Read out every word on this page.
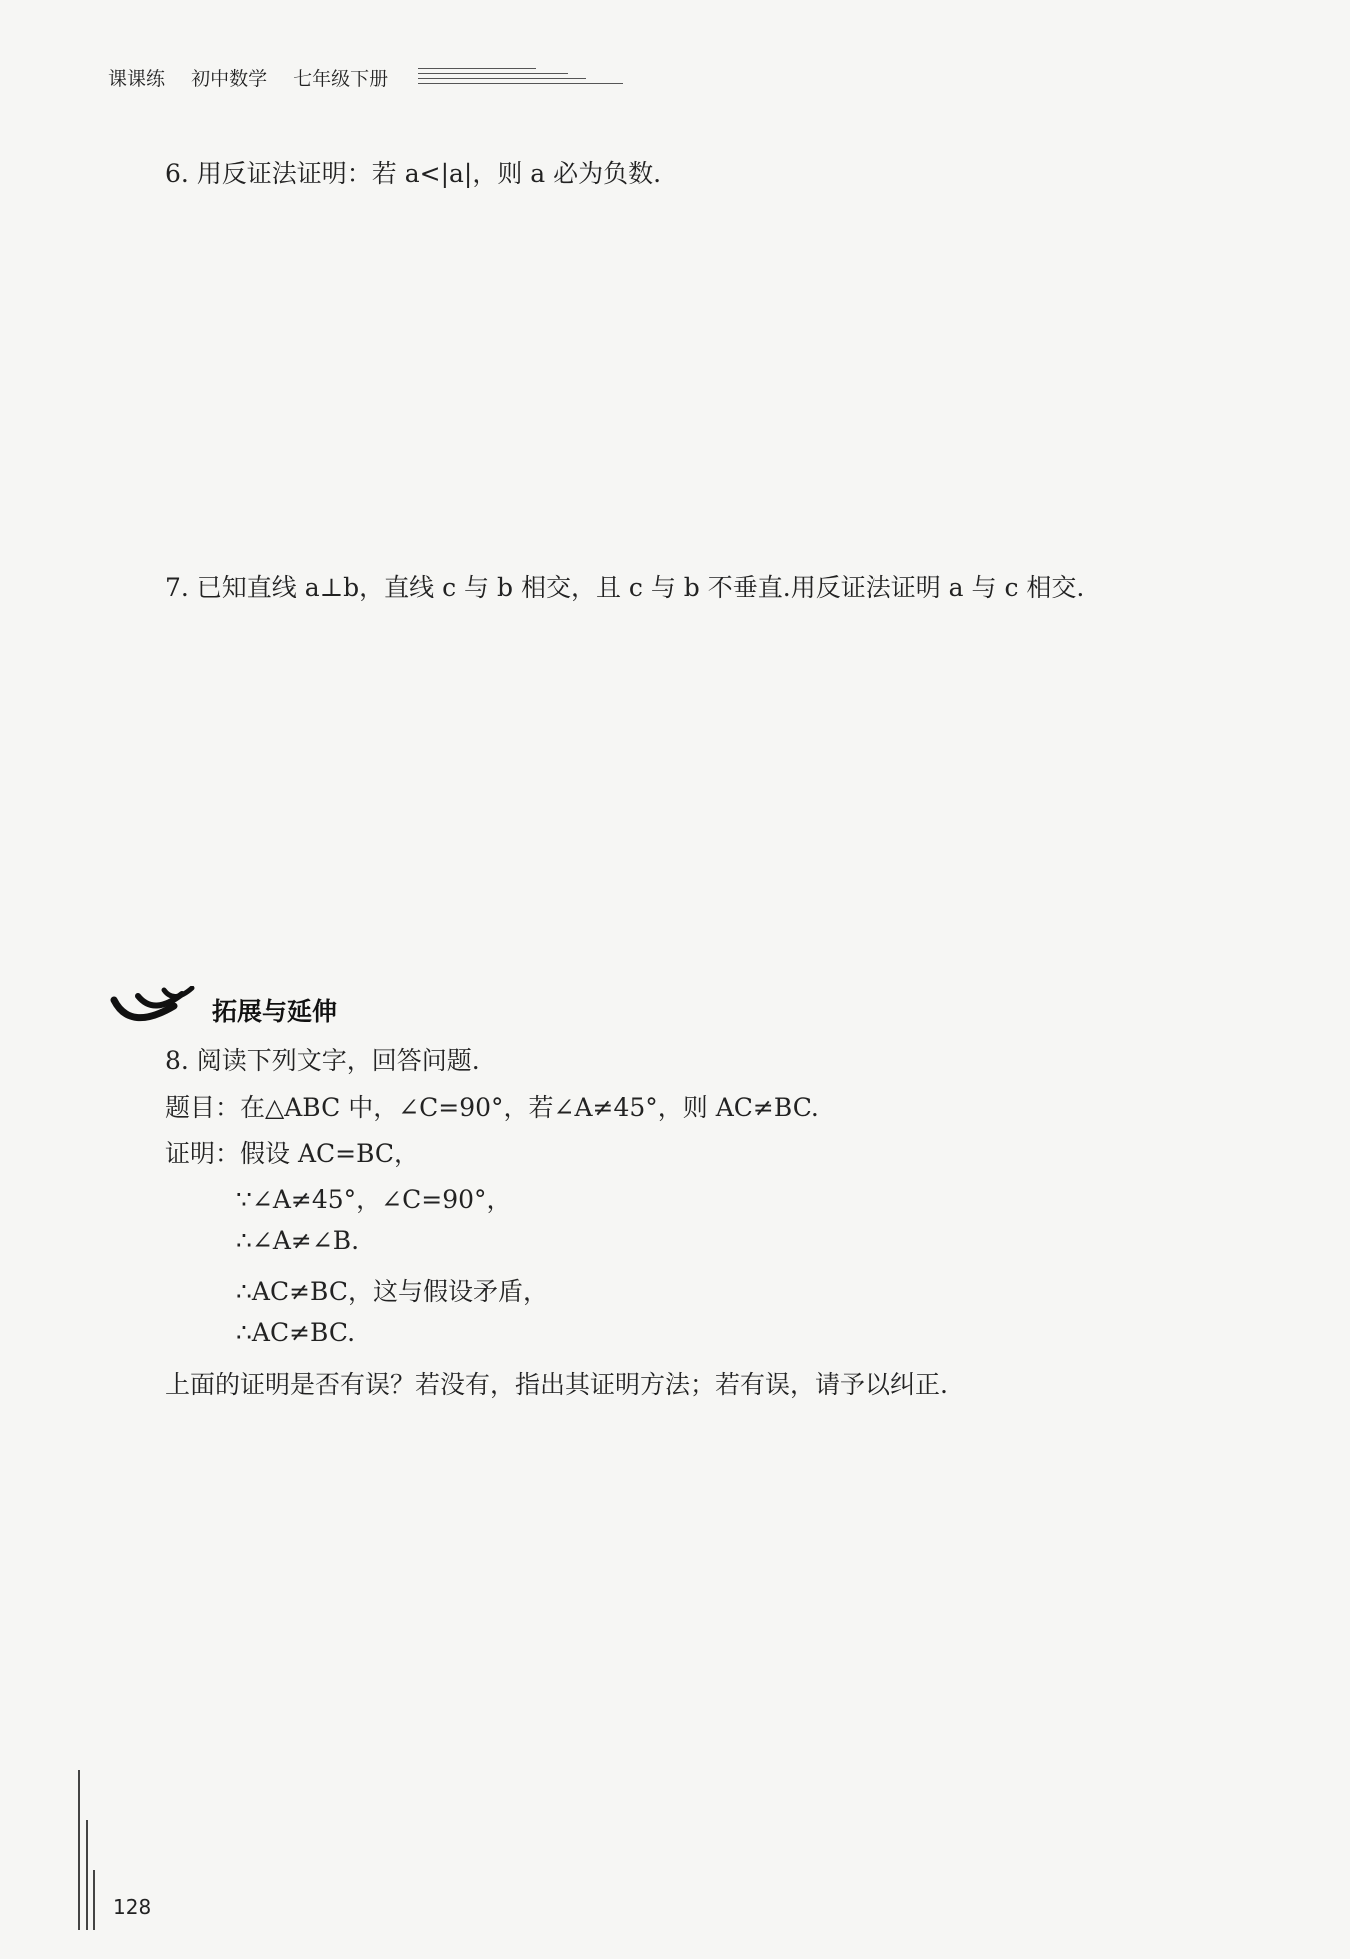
课课练 初中数学 七年级下册
6. 用反证法证明：若 a<|a|，则 a 必为负数.
7. 已知直线 a⊥b，直线 c 与 b 相交，且 c 与 b 不垂直.用反证法证明 a 与 c 相交.
拓展与延伸
8. 阅读下列文字，回答问题.
题目：在△ABC 中，∠C=90°，若∠A≠45°，则 AC≠BC.
证明：假设 AC=BC，
∵∠A≠45°，∠C=90°，
∴∠A≠∠B.
∴AC≠BC，这与假设矛盾，
∴AC≠BC.
上面的证明是否有误？若没有，指出其证明方法；若有误，请予以纠正.
128
